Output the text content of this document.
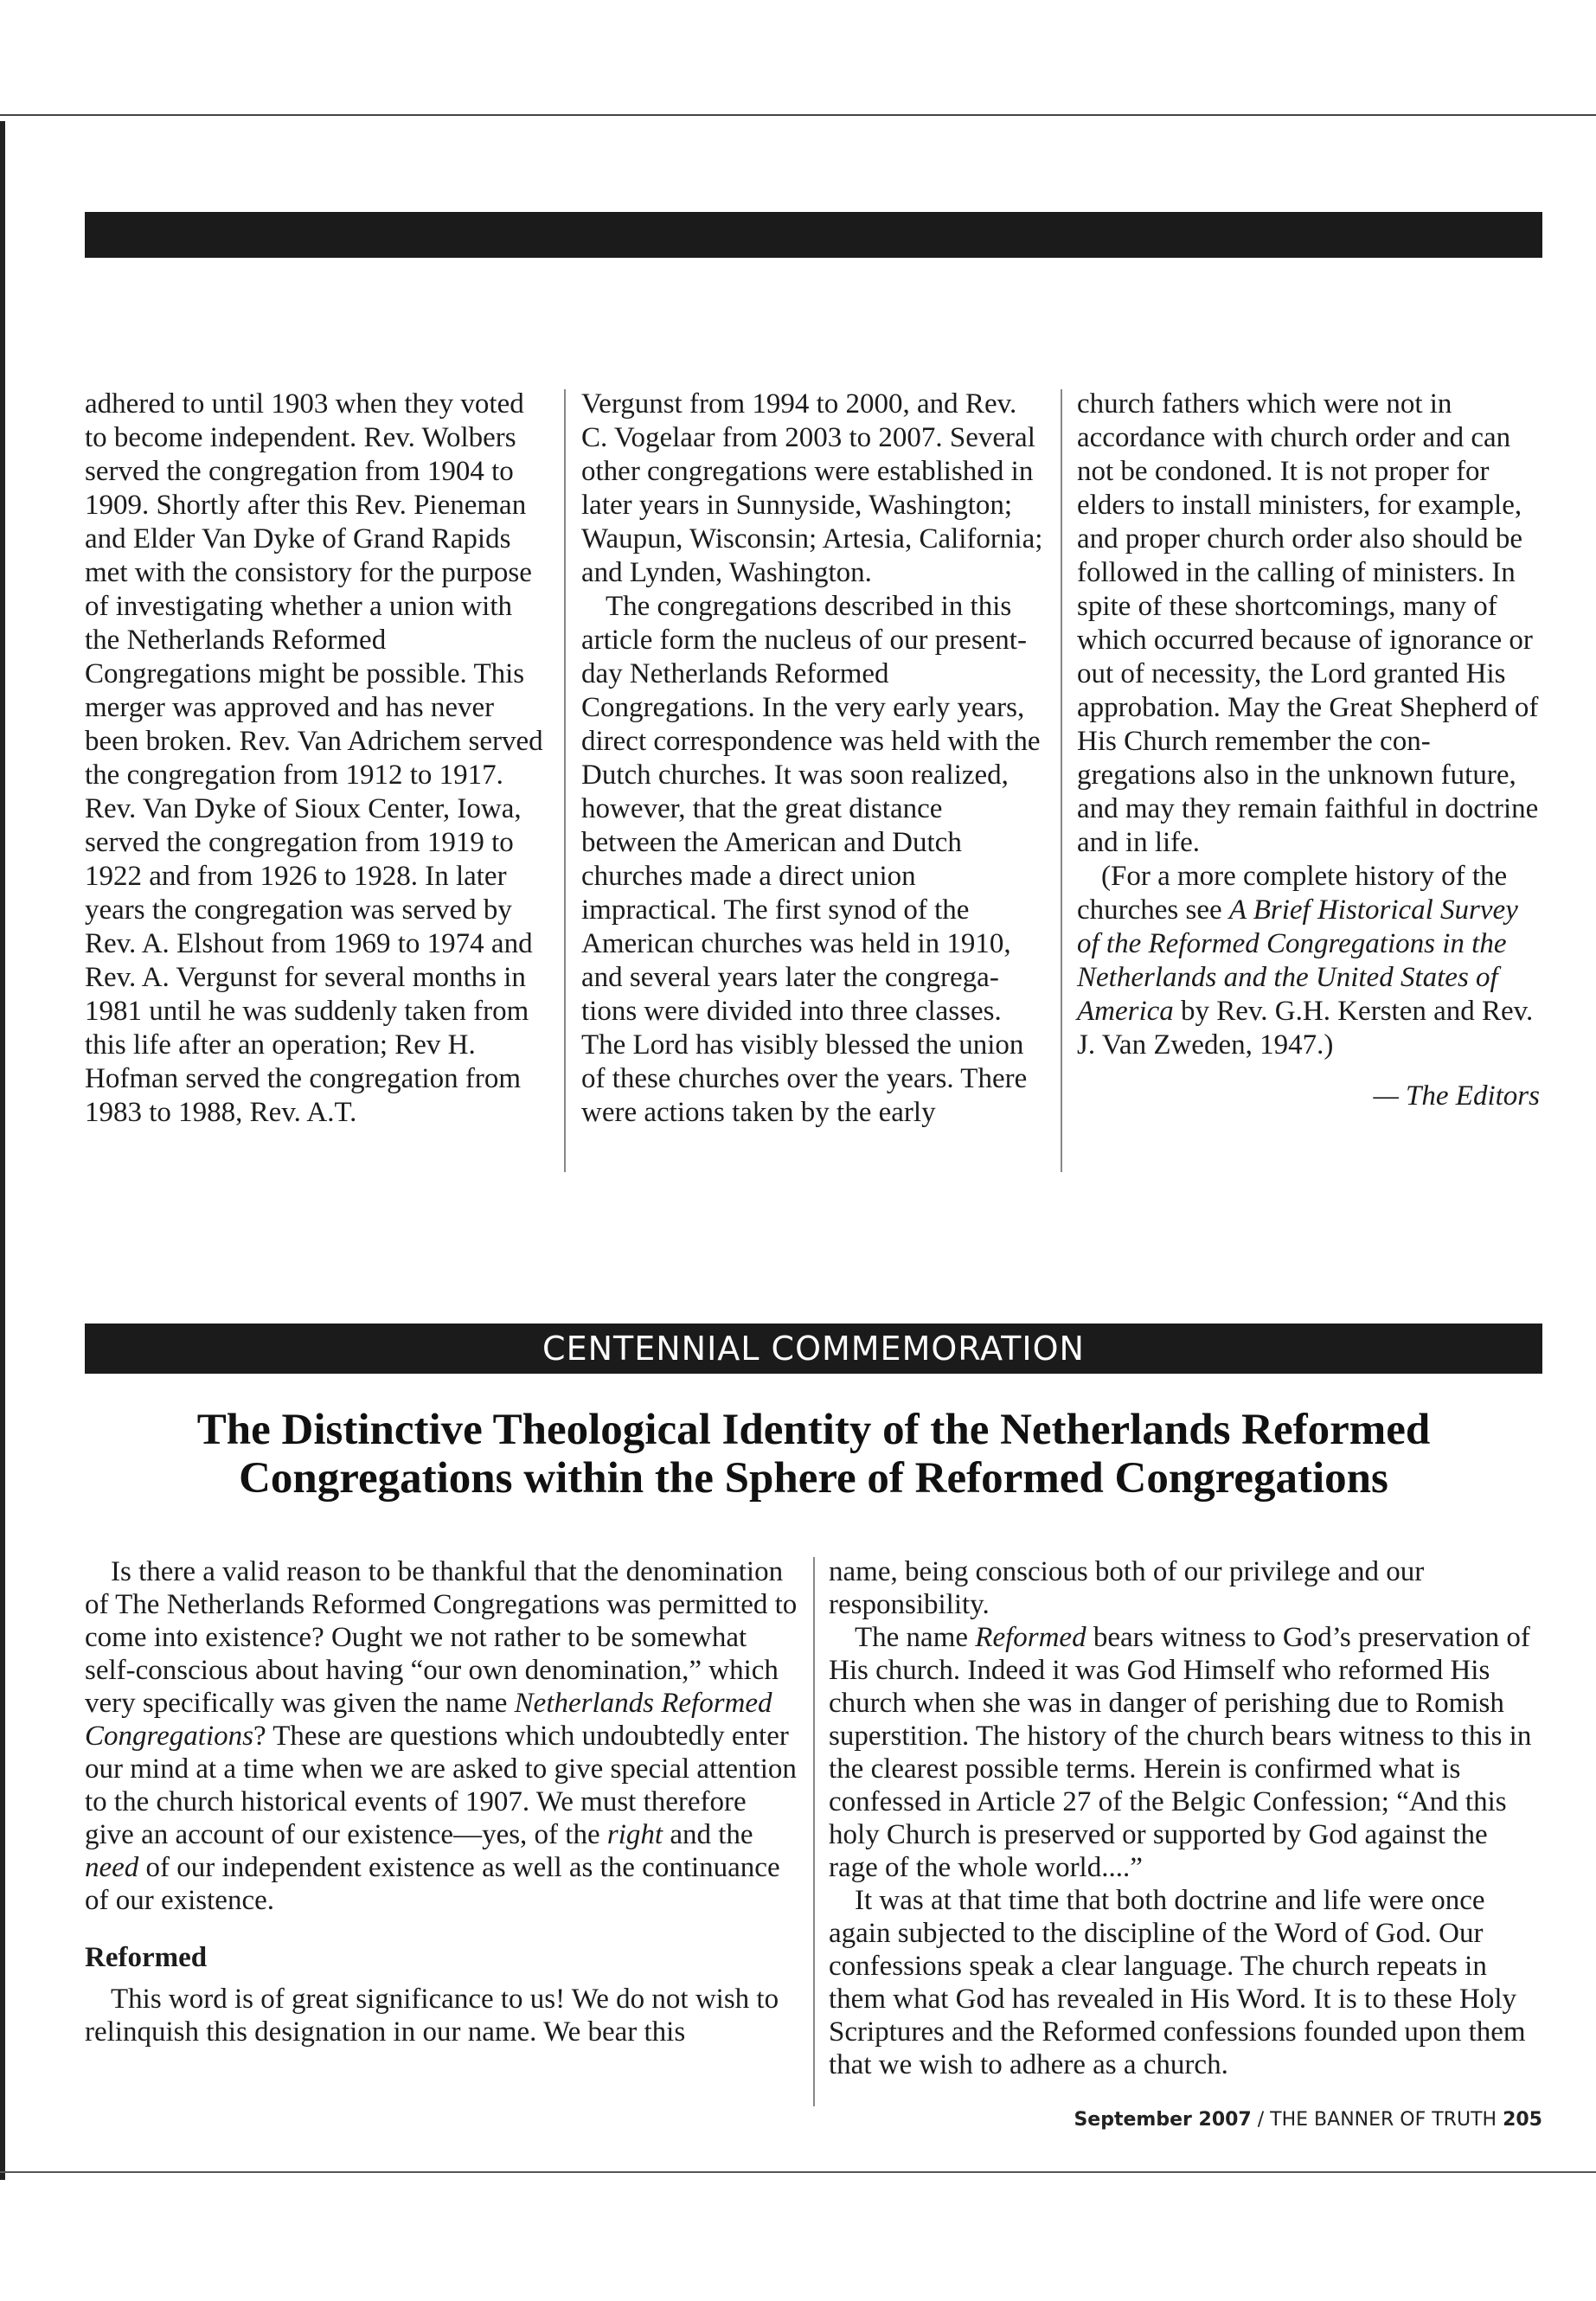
adhered to until 1903 when they voted to become independent. Rev. Wolbers served the congregation from 1904 to 1909. Shortly after this Rev. Pieneman and Elder Van Dyke of Grand Rapids met with the consistory for the purpose of investigating whether a union with the Netherlands Reformed Congregations might be possible. This merger was approved and has never been broken. Rev. Van Adrichem served the congregation from 1912 to 1917. Rev. Van Dyke of Sioux Center, Iowa, served the congregation from 1919 to 1922 and from 1926 to 1928. In later years the congregation was served by Rev. A. Elshout from 1969 to 1974 and Rev. A. Vergunst for several months in 1981 until he was suddenly taken from this life after an operation; Rev H. Hofman served the congregation from 1983 to 1988, Rev. A.T.

Vergunst from 1994 to 2000, and Rev. C. Vogelaar from 2003 to 2007. Several other congregations were established in later years in Sunnyside, Washington; Waupun, Wisconsin; Artesia, California; and Lynden, Washington.

The congregations described in this article form the nucleus of our present-day Netherlands Reformed Congregations. In the very early years, direct correspondence was held with the Dutch churches. It was soon realized, however, that the great distance between the American and Dutch churches made a direct union impractical. The first synod of the American churches was held in 1910, and several years later the congregations were divided into three classes. The Lord has visibly blessed the union of these churches over the years. There were actions taken by the early

church fathers which were not in accordance with church order and can not be condoned. It is not proper for elders to install ministers, for example, and proper church order also should be followed in the calling of ministers. In spite of these shortcomings, many of which occurred because of ignorance or out of necessity, the Lord granted His approbation. May the Great Shepherd of His Church remember the congregations also in the unknown future, and may they remain faithful in doctrine and in life.

(For a more complete history of the churches see A Brief Historical Survey of the Reformed Congregations in the Netherlands and the United States of America by Rev. G.H. Kersten and Rev. J. Van Zweden, 1947.)

— The Editors
CENTENNIAL COMMEMORATION
The Distinctive Theological Identity of the Netherlands Reformed Congregations within the Sphere of Reformed Congregations

Is there a valid reason to be thankful that the denomination of The Netherlands Reformed Congregations was permitted to come into existence? Ought we not rather to be somewhat self-conscious about having “our own denomination,” which very specifically was given the name Netherlands Reformed Congregations? These are questions which undoubtedly enter our mind at a time when we are asked to give special attention to the church historical events of 1907. We must therefore give an account of our existence—yes, of the right and the need of our independent existence as well as the continuance of our existence.

Reformed

This word is of great significance to us! We do not wish to relinquish this designation in our name. We bear this

name, being conscious both of our privilege and our responsibility.

The name Reformed bears witness to God’s preservation of His church. Indeed it was God Himself who reformed His church when she was in danger of perishing due to Romish superstition. The history of the church bears witness to this in the clearest possible terms. Herein is confirmed what is confessed in Article 27 of the Belgic Confession; “And this holy Church is preserved or supported by God against the rage of the whole world....”

It was at that time that both doctrine and life were once again subjected to the discipline of the Word of God. Our confessions speak a clear language. The church repeats in them what God has revealed in His Word. It is to these Holy Scriptures and the Reformed confessions founded upon them that we wish to adhere as a church.

September 2007 / THE BANNER OF TRUTH 205
